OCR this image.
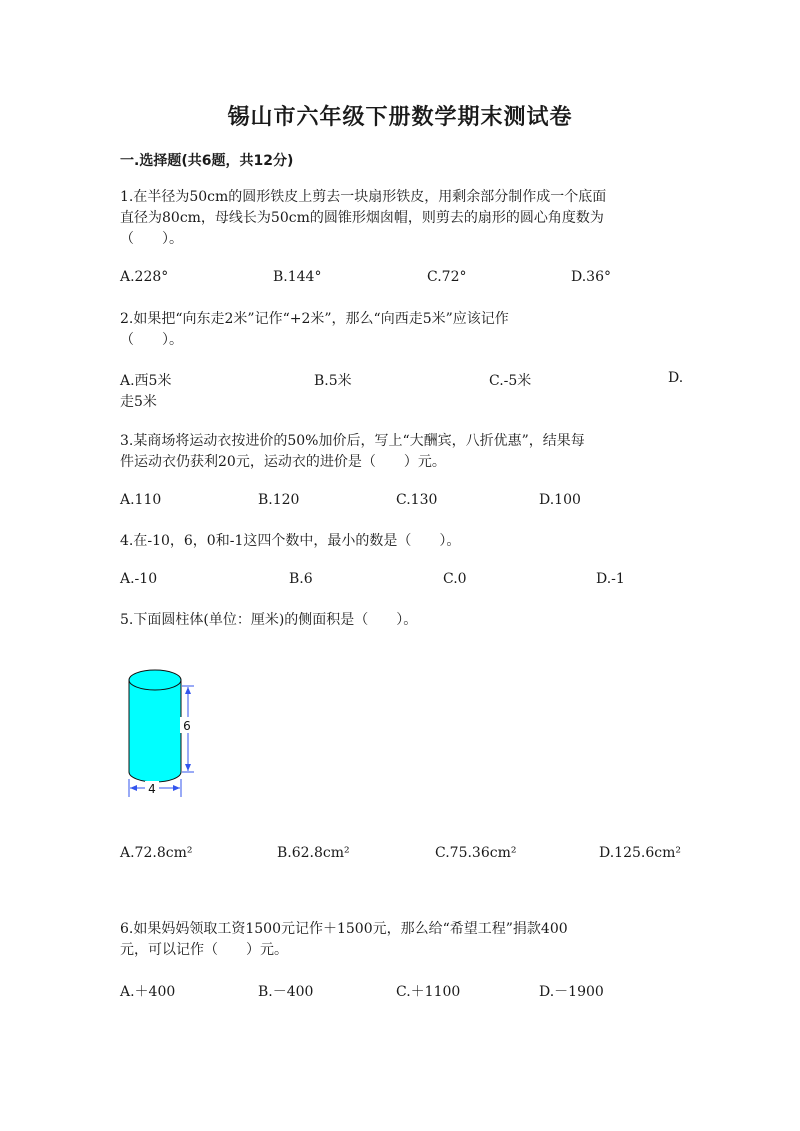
锡山市六年级下册数学期末测试卷
一.选择题(共6题，共12分)
1.在半径为50cm的圆形铁皮上剪去一块扇形铁皮，用剩余部分制作成一个底面
直径为80cm，母线长为50cm的圆锥形烟囱帽，则剪去的扇形的圆心角度数为
（　　）。
A.228°	B.144°	C.72°	D.36°
2.如果把“向东走2米”记作“+2米”，那么“向西走5米”应该记作
（　　）。
A.西5米	B.5米	C.-5米	D.
走5米
3.某商场将运动衣按进价的50%加价后，写上“大酬宾，八折优惠”，结果每
件运动衣仍获利20元，运动衣的进价是（　　）元。
A.110	B.120	C.130	D.100
4.在-10，6，0和-1这四个数中，最小的数是（　　）。
A.-10	B.6	C.0	D.-1
5.下面圆柱体(单位：厘米)的侧面积是（　　）。
6
4
A.72.8cm²	B.62.8cm²	C.75.36cm²	D.125.6cm²
6.如果妈妈领取工资1500元记作＋1500元，那么给“希望工程”捐款400
元，可以记作（　　）元。
A.＋400	B.－400	C.＋1100	D.－1900
